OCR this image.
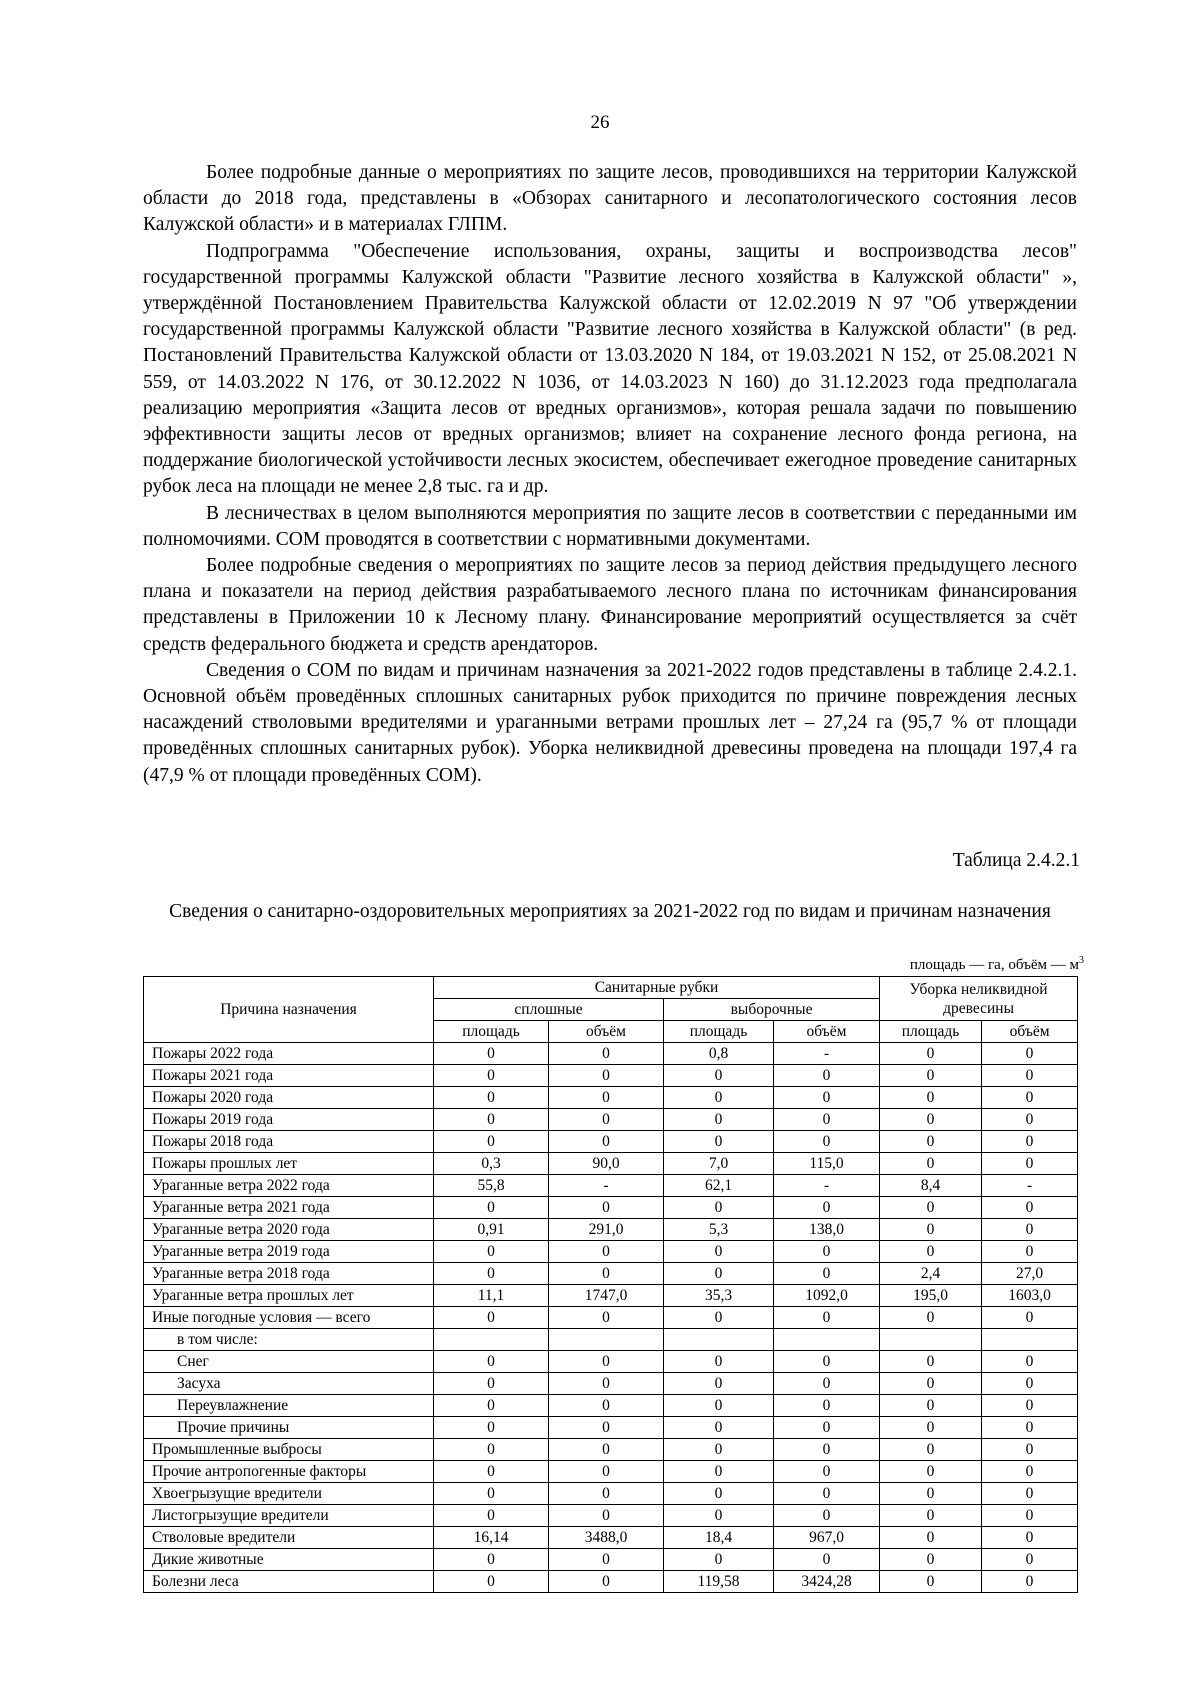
26

Более подробные данные о мероприятиях по защите лесов, проводившихся на территории Калужской области до 2018 года, представлены в «Обзорах санитарного и лесопатологического состояния лесов Калужской области» и в материалах ГЛПМ.

Подпрограмма "Обеспечение использования, охраны, защиты и воспроизводства лесов" государственной программы Калужской области "Развитие лесного хозяйства в Калужской области" », утверждённой Постановлением Правительства Калужской области от 12.02.2019 N 97 "Об утверждении государственной программы Калужской области "Развитие лесного хозяйства в Калужской области" (в ред. Постановлений Правительства Калужской области от 13.03.2020 N 184, от 19.03.2021 N 152, от 25.08.2021 N 559, от 14.03.2022 N 176, от 30.12.2022 N 1036, от 14.03.2023 N 160) до 31.12.2023 года предполагала реализацию мероприятия «Защита лесов от вредных организмов», которая решала задачи по повышению эффективности защиты лесов от вредных организмов; влияет на сохранение лесного фонда региона, на поддержание биологической устойчивости лесных экосистем, обеспечивает ежегодное проведение санитарных рубок леса на площади не менее 2,8 тыс. га и др.

В лесничествах в целом выполняются мероприятия по защите лесов в соответствии с переданными им полномочиями. СОМ проводятся в соответствии с нормативными документами.

Более подробные сведения о мероприятиях по защите лесов за период действия предыдущего лесного плана и показатели на период действия разрабатываемого лесного плана по источникам финансирования представлены в Приложении 10 к Лесному плану. Финансирование мероприятий осуществляется за счёт средств федерального бюджета и средств арендаторов.

Сведения о СОМ по видам и причинам назначения за 2021-2022 годов представлены в таблице 2.4.2.1. Основной объём проведённых сплошных санитарных рубок приходится по причине повреждения лесных насаждений стволовыми вредителями и ураганными ветрами прошлых лет – 27,24 га (95,7 % от площади проведённых сплошных санитарных рубок). Уборка неликвидной древесины проведена на площади 197,4 га (47,9 % от площади проведённых СОМ).

Таблица 2.4.2.1
Сведения о санитарно-оздоровительных мероприятиях за 2021-2022 год по видам и причинам назначения
площадь — га, объём — $м^3$
Причина назначения	Санитарные рубки				Уборка неликвидной древесины	
	сплошные		выборочные			
	площадь	объём	площадь	объём	площадь	объём
Пожары 2022 года	0	0	0,8	-	0	0
Пожары 2021 года	0	0	0	0	0	0
Пожары 2020 года	0	0	0	0	0	0
Пожары 2019 года	0	0	0	0	0	0
Пожары 2018 года	0	0	0	0	0	0
Пожары прошлых лет	0,3	90,0	7,0	115,0	0	0
Ураганные ветра 2022 года	55,8	-	62,1	-	8,4	-
Ураганные ветра 2021 года	0	0	0	0	0	0
Ураганные ветра 2020 года	0,91	291,0	5,3	138,0	0	0
Ураганные ветра 2019 года	0	0	0	0	0	0
Ураганные ветра 2018 года	0	0	0	0	2,4	27,0
Ураганные ветра прошлых лет	11,1	1747,0	35,3	1092,0	195,0	1603,0
Иные погодные условия — всего	0	0	0	0	0	0
в том числе:						
Снег	0	0	0	0	0	0
Засуха	0	0	0	0	0	0
Переувлажнение	0	0	0	0	0	0
Прочие причины	0	0	0	0	0	0
Промышленные выбросы	0	0	0	0	0	0
Прочие антропогенные факторы	0	0	0	0	0	0
Хвоегрызущие вредители	0	0	0	0	0	0
Листогрызущие вредители	0	0	0	0	0	0
Стволовые вредители	16,14	3488,0	18,4	967,0	0	0
Дикие животные	0	0	0	0	0	0
Болезни леса	0	0	119,58	3424,28	0	0
